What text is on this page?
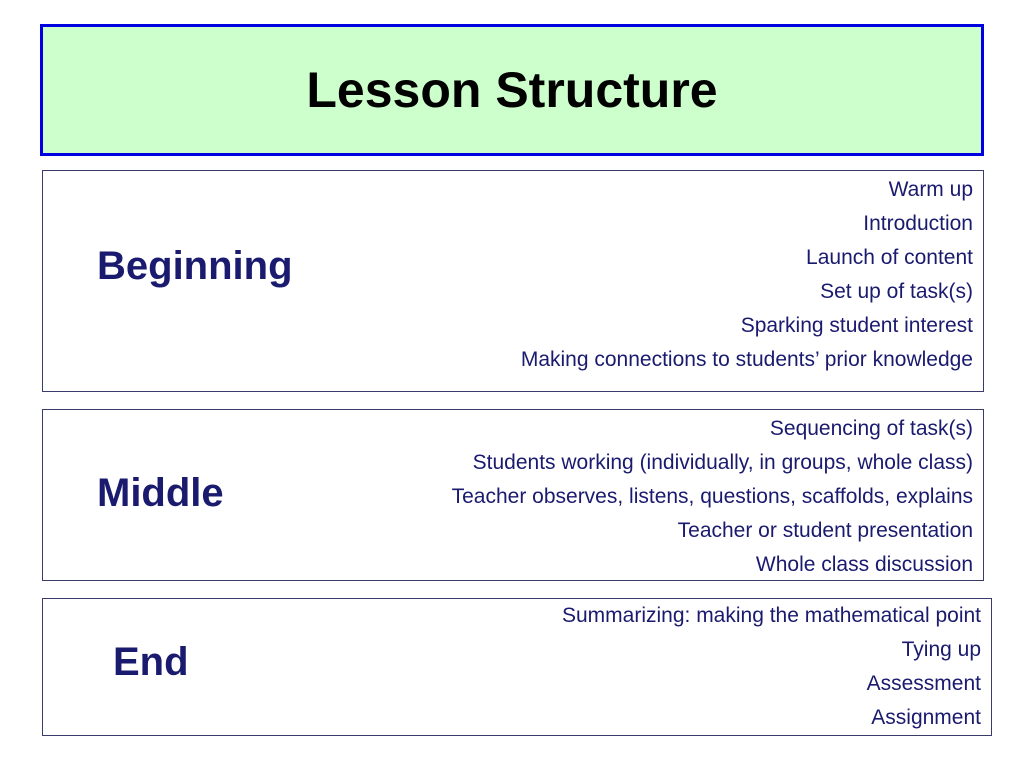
Lesson Structure
Beginning
Warm up
Introduction
Launch of content
Set up of task(s)
Sparking student interest
Making connections to students’ prior knowledge
Middle
Sequencing of task(s)
Students working (individually, in groups, whole class)
Teacher observes, listens, questions, scaffolds, explains
Teacher or student presentation
Whole class discussion
End
Summarizing: making the mathematical point
Tying up
Assessment
Assignment
